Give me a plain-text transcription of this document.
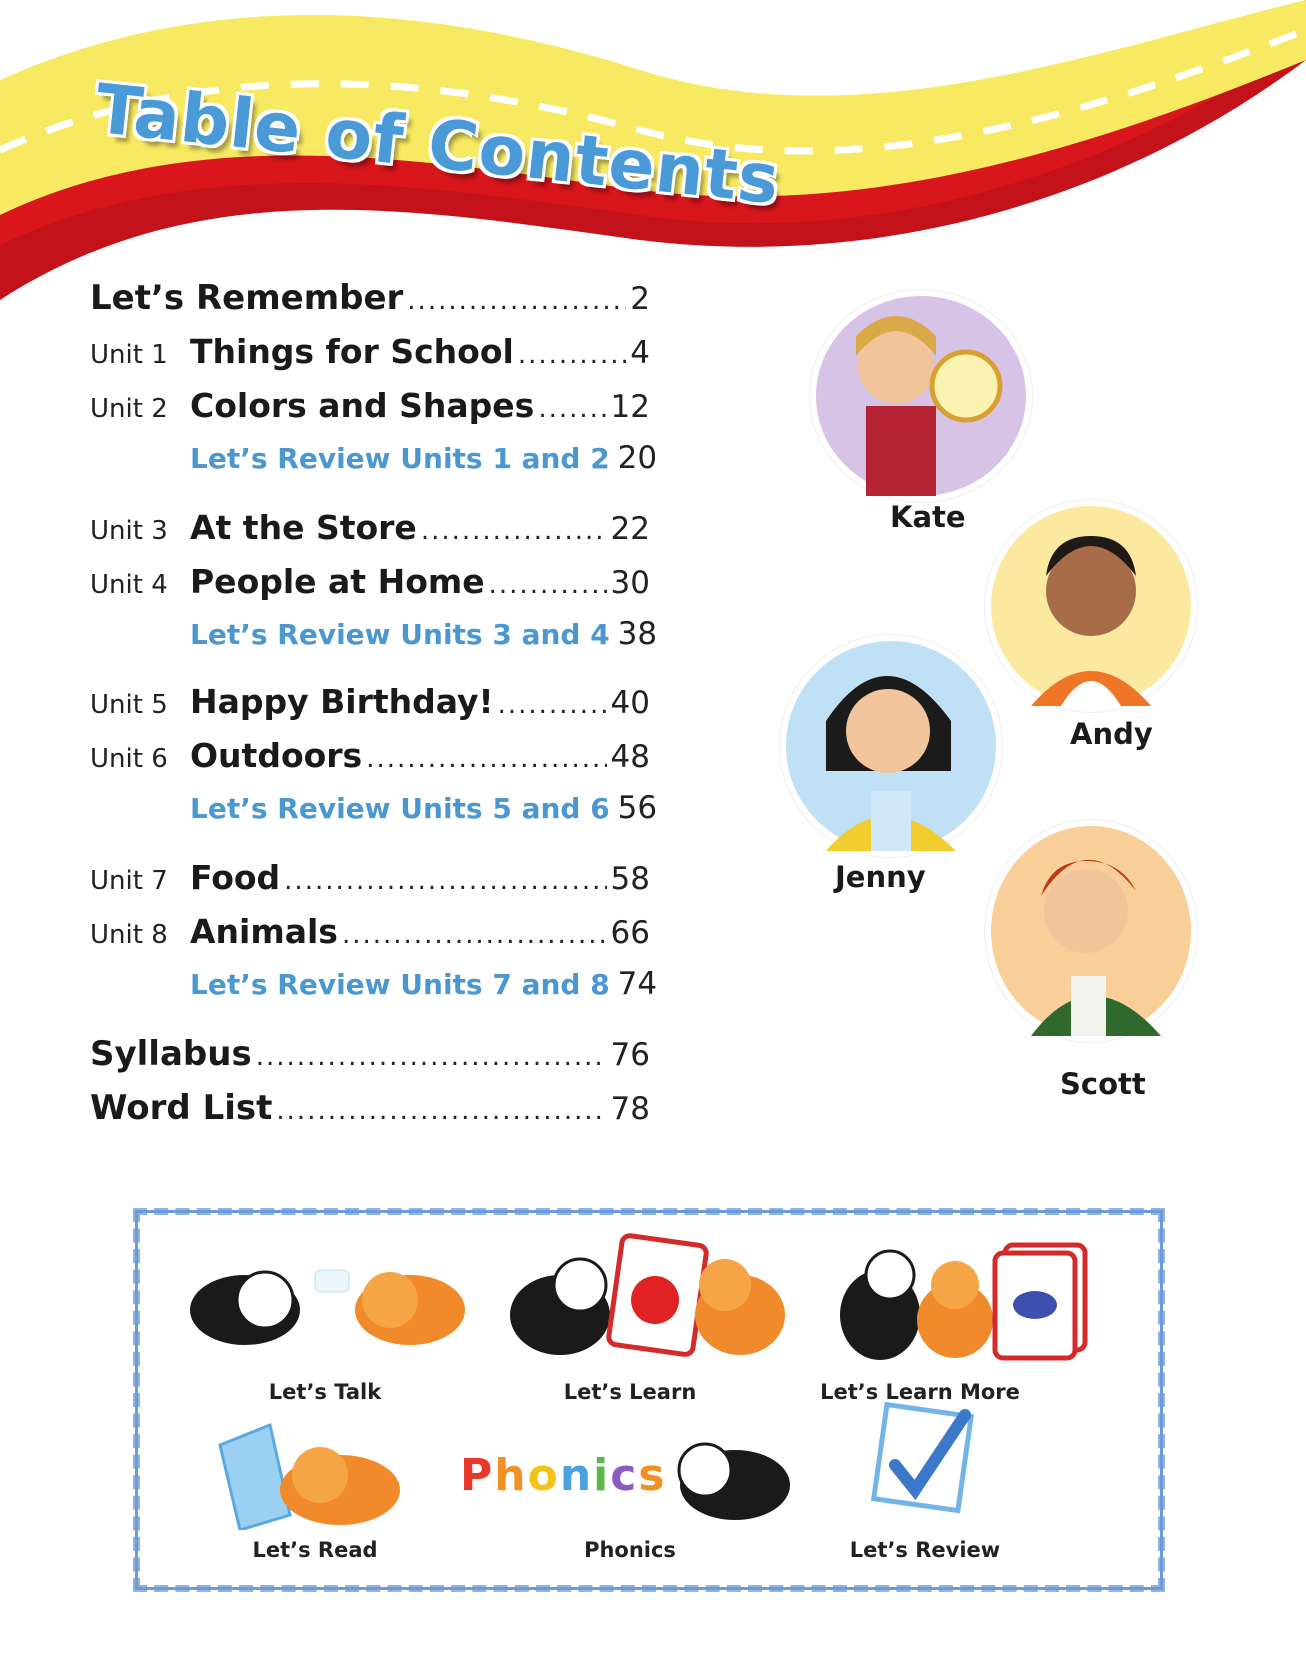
Table of Contents
Let’s Remember .....	2
Unit 1 Things for School .....	4
Unit 2 Colors and Shapes ..... 12
Let’s Review Units 1 and 2 20
Unit 3 At the Store .....	22
Unit 4 People at Home .....	30
Let’s Review Units 3 and 4 38
Unit 5 Happy Birthday! .....	40
Unit 6 Outdoors .....	48
Let’s Review Units 5 and 6 56
Unit 7 Food .....	58
Unit 8 Animals .....	66
Let’s Review Units 7 and 8 74
Syllabus .....	76
Word List .....	78
Kate
Andy
Jenny
Scott
Let’s Talk	Let’s Learn	Let’s Learn More
Let’s Read
Phonics
Phonics	Let’s Review
